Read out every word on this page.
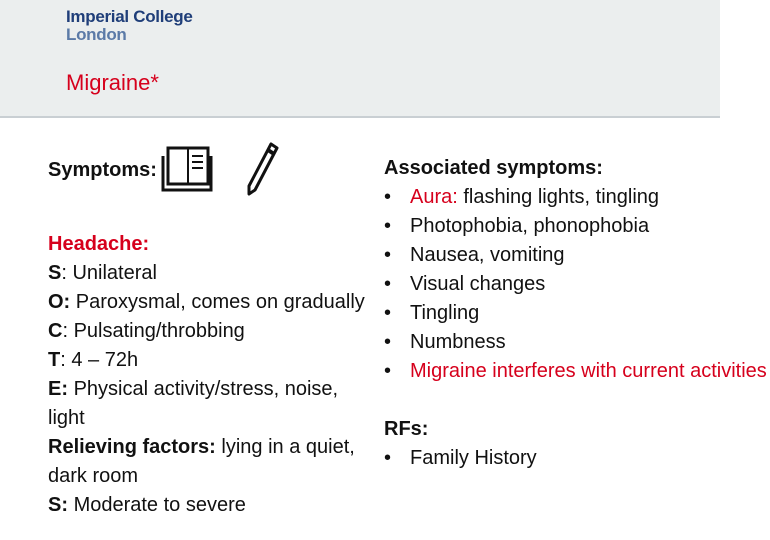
Imperial College
London
Migraine*
Symptoms:
Headache:
S: Unilateral
O: Paroxysmal, comes on gradually
C: Pulsating/throbbing
T: 4 – 72h
E: Physical activity/stress, noise, light
Relieving factors: lying in a quiet, dark room
S: Moderate to severe
Associated symptoms:
• Aura: flashing lights, tingling
• Photophobia, phonophobia
• Nausea, vomiting
• Visual changes
• Tingling
• Numbness
• Migraine interferes with current activities
RFs:
• Family History
